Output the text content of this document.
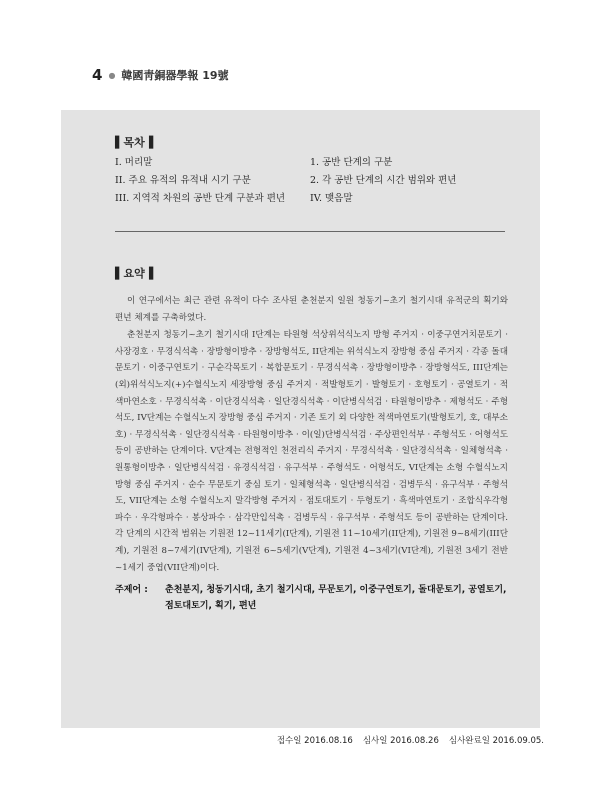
4 ● 韓國靑銅器學報 19號
▌목차▐
I. 머리말	1. 공반 단계의 구분
II. 주요 유적의 유적내 시기 구분	2. 각 공반 단계의 시간 범위와 편년
III. 지역적 차원의 공반 단계 구분과 편년	IV. 맺음말
▌요약▐

이 연구에서는 최근 관련 유적이 다수 조사된 춘천분지 일원 청동기~초기 철기시대 유적군의 획기와 편년 체계를 구축하였다.

춘천분지 청동기~초기 철기시대 I단계는 타원형 석상위석식노지 방형 주거지 · 이중구연거치문토기 · 사장경호 · 무경식석촉 · 장방형이방추 · 장방형석도, II단계는 위석식노지 장방형 중심 주거지 · 각종 돌대문토기 · 이중구연토기 · 구순각목토기 · 복합문토기 · 무경식석촉 · 장방형이방추 · 장방형석도, III단계는 (외)위석식노지(+)수혈식노지 세장방형 중심 주거지 · 적발형토기 · 발형토기 · 호형토기 · 공열토기 · 적색마연소호 · 무경식석촉 · 이단경식석촉 · 일단경식석촉 · 이단병식석검 · 타원형이방추 · 제형석도 · 주형석도, IV단계는 수혈식노지 장방형 중심 주거지 · 기존 토기 외 다양한 적색마연토기(발형토기, 호, 대부소호) · 무경식석촉 · 일단경식석촉 · 타원형이방추 · 이(일)단병식석검 · 주상편인석부 · 주형석도 · 어형석도 등이 공반하는 단계이다. V단계는 전형적인 천전리식 주거지 · 무경식석촉 · 일단경식석촉 · 일체형석촉 · 원통형이방추 · 일단병식석검 · 유경식석검 · 유구석부 · 주형석도 · 어형석도, VI단계는 소형 수혈식노지 방형 중심 주거지 · 순수 무문토기 중심 토기 · 일체형석촉 · 일단병식석검 · 검병두식 · 유구석부 · 주형석도, VII단계는 소형 수혈식노지 말각방형 주거지 · 점토대토기 · 두형토기 · 흑색마연토기 · 조합식우각형파수 · 우각형파수 · 봉상파수 · 삼각만입석촉 · 검병두식 · 유구석부 · 주형석도 등이 공반하는 단계이다. 각 단계의 시간적 범위는 기원전 12~11세기(I단계), 기원전 11~10세기(II단계), 기원전 9~8세기(III단계), 기원전 8~7세기(IV단계), 기원전 6~5세기(V단계), 기원전 4~3세기(VI단계), 기원전 3세기 전반~1세기 중엽(VII단계)이다.

주제어 :	춘천분지, 청동기시대, 초기 철기시대, 무문토기, 이중구연토기, 돌대문토기, 공열토기, 점토대토기, 획기, 편년
접수일 2016.08.16 심사일 2016.08.26 심사완료일 2016.09.05.
